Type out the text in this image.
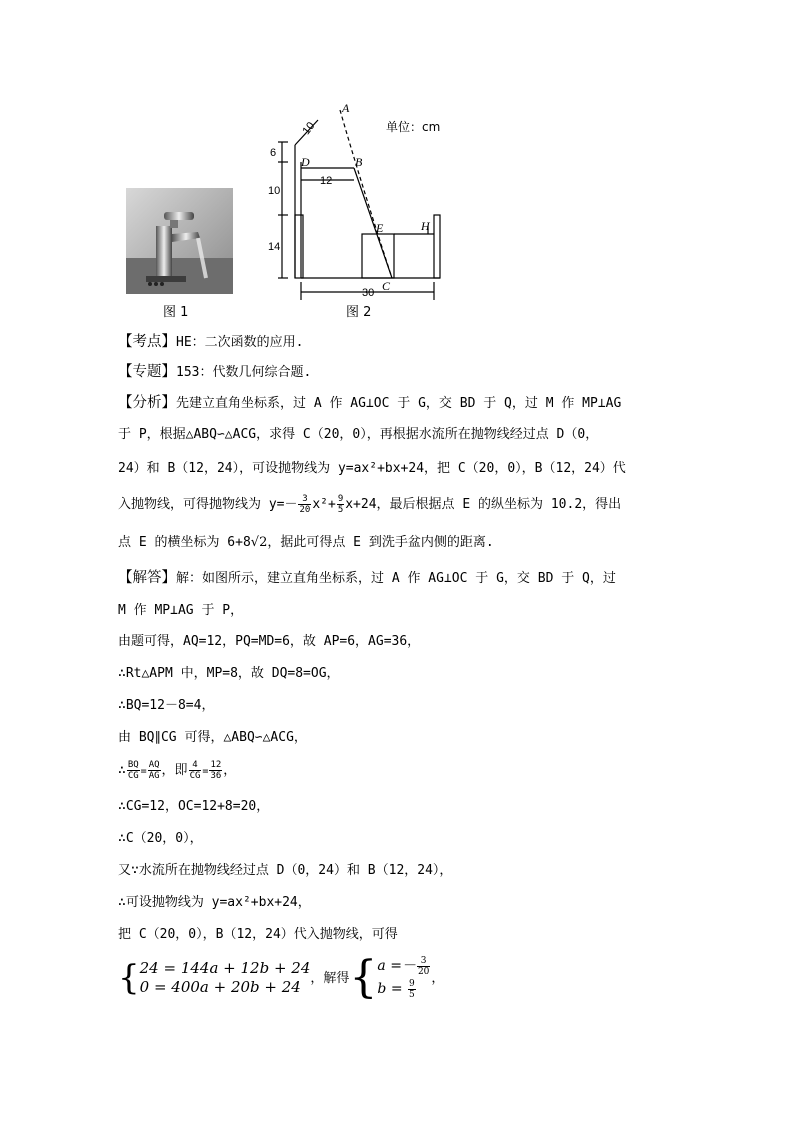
图 1
A
B
D
E	H
C
10
6
10
12
14
30
单位：cm
图 2
【考点】HE：二次函数的应用.
【专题】153：代数几何综合题.
【分析】先建立直角坐标系，过 A 作 AG⊥OC 于 G，交 BD 于 Q，过 M 作 MP⊥AG
于 P，根据△ABQ∽△ACG，求得 C（20，0），再根据水流所在抛物线经过点 D（0，
24）和 B（12，24），可设抛物线为 y=ax²+bx+24，把 C（20，0），B（12，24）代
入抛物线，可得抛物线为 $y=- \frac{3}{20} x^2+ \frac{9}{5} x+24$，最后根据点 E 的纵坐标为 10.2，得出
点 E 的横坐标为 6+8√2，据此可得点 E 到洗手盆内侧的距离.
【解答】解：如图所示，建立直角坐标系，过 A 作 AG⊥OC 于 G，交 BD 于 Q，过
M 作 MP⊥AG 于 P，
由题可得，AQ=12，PQ=MD=6，故 AP=6，AG=36，
∴Rt△APM 中，MP=8，故 DQ=8=OG，
∴BQ=12－8=4，
由 BQ∥CG 可得，△ABQ∽△ACG，
∴ $\frac{BQ}{CG} = \frac{AQ}{AG}$ ，即 $\frac{4}{CG} = \frac{12}{36}$ ，
∴CG=12，OC=12+8=20，
∴C（20，0），
又∵水流所在抛物线经过点 D（0，24）和 B（12，24），
∴可设抛物线为 y=ax²+bx+24，
把 C（20，0），B（12，24）代入抛物线，可得
{ 24 = 144a + 12b + 24
0 = 400a + 20b + 24 ，解得{ $a =- \frac{3}{20}$
$b = \frac{9}{5}$ ，
